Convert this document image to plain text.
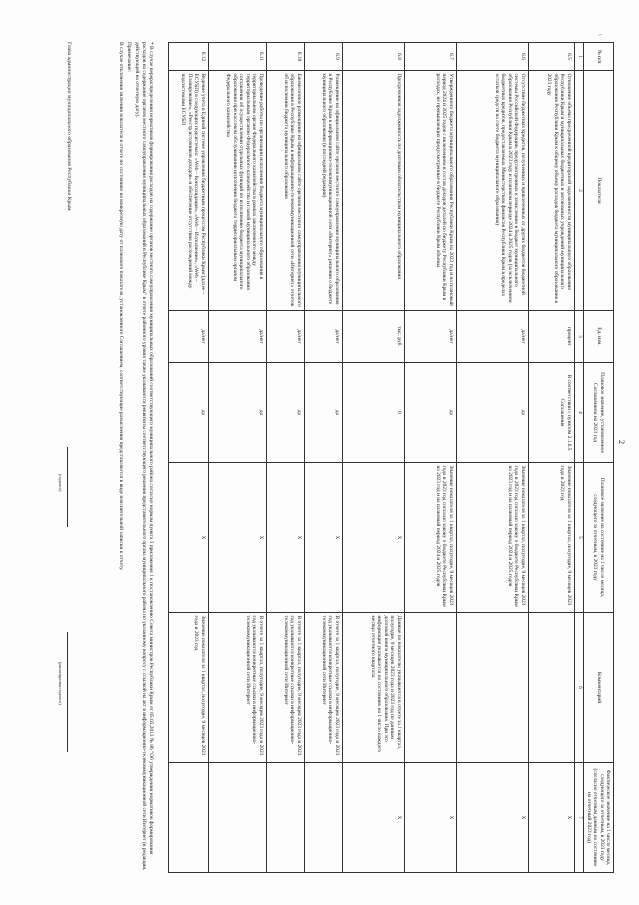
2
\
№ п/п	Показатели	Ед. изм.	Плановое значение, установленное Соглашением на 2023 год	Плановое значение на состояние на 1 число месяца, следующего за отчетным, в 2023 году	Комментарий	Фактическое значение на 1 число месяца, следующего за отчетным, в 2023 году (согласно отчетным данным по состоянию на отчетный 2023 год)
1	2	3	4	5	6	7
6.5	Отношение объема просроченной кредиторской задолженности муниципального образования Республики Крым и муниципальных бюджетных и автономных учреждений муниципального образования Республики Крым к общему объему расходов бюджета муниципального образования в 2023 году	процент	В соответствии с пунктом 2.1.6.5 Соглашения	Значение показателя за 1 квартал, полугодие, 9 месяцев 2023 года и 2023 год		Х
6.6	Отсутствие бюджетных кредитов, полученных и привлеченных от других бюджетов бюджетной системы Российской Федерации, предусмотренных к зачислению в бюджет муниципального образования Республики Крым в 2023 году и плановом периоде 2024 и 2025 годов (за исключением бюджетных кредитов, предоставляемых Министерством финансов Республики Крым в пределах остатков средств на счете бюджета муниципального образования)	да/нет	да	Значение показателя за 1 квартал, полугодие, 9 месяцев 2023 года и 2023 год согласно закону о бюджете Республики Крым на 2023 год и на плановый период 2024 и 2025 годов		Х
6.7	Утвержденного бюджета муниципального образования Республики Крым на 2023 год и на плановый период 2024 и 2025 годов с включением в состав доходов деталей по бюджету Республики Крым в расходах, не превышающих предусмотренные в бюджете Республики Крым объемы	да/нет	да	Значение показателя за 1 квартал, полугодие, 9 месяцев 2023 года и 2023 год согласно закону о бюджете Республики Крым на 2023 год и на плановый период 2024 и 2025 годов		Х
6.8	Просроченная задолженность по долговым обязательствам муниципального образования	тыс. руб.	0	Х	Данные по показателю указываются в отчете за 1 квартал, полугодие, 9 месяцев 2023 года и 2023 год по данным долговой книги муниципального образования. При это информация указывается по состоянию на 1 число каждого месяца отчетного квартала.	Х
6.9	Размещение на официальном сайте органов местного самоуправления муниципального образования в Республике Крым в информационно-телекоммуникационной сети «Интернет» решения о бюджете муниципального образования (в последней редакции)	да/нет	да	Х	В отчете за 1 квартал, полугодие, 9 месяцев 2023 года и 2023 год указываются конкретные ссылки в информационно-телекоммуникационной сети Интернет	
6.10	Ежемесячное размещение на официальном сайте органов местного самоуправления муниципального образования в Республике Крым в информационно-телекоммуникационной сети «Интернет» отчетов об исполнении бюджета муниципального образования	да/нет	да	Х	В отчете за 1 квартал, полугодие, 9 месяцев 2023 года и 2023 год указываются конкретные ссылки в информационно-телекоммуникационной сети Интернет	
6.11	Проведение работы по организации исполнения бюджета муниципального образования в территориальном органе Федерального казначейства в рамках заключенного между территориальным органом Федерального казначейства и главой муниципального образования соглашения об осуществлении отдельных функций по исполнению бюджета муниципального образования при кассовом обслуживании исполнения бюджета территориальным органом Федерального казначейства	да/нет	да	Х	В отчете за 1 квартал, полугодие, 9 месяцев 2023 года и 2023 год указываются конкретные ссылки в информационно-телекоммуникационной сети Интернет	
6.12	Ведение учета в Единой системе управления бюджетным процессом Республики Крым (далее – ЕСУБП) в следующих подсистемах: «Web – Консолидация», «Web – Исполнение», «Web – Планирование», «Реестр источников доходов» и обеспечение отсутствия расхождений между подсистемами ЕСУБП	да/нет	да	Х	Значение показателя за 1 квартал, полугодие, 9 месяцев 2023 года и 2023 год	

* В случае перераспределения нормативов формирования расходов на содержание органов местного самоуправления муниципальных образований соответствующего муниципального района согласно нормам пункта 3 приложения 1 к постановлению Совета министров Республики Крым от 05.03.2013 № 86 "Об утверждении нормативов формирования расходов на содержание органов местного самоуправления муниципальных образований в Республике Крым" в отчете районного уровня также указываются реквизиты соответствующего решения представительного органа муниципального района по указанному вопросу с ссылкой на акт в информационно-телекоммуникационной сети Интернет (в редакции, действующей на отчетную дату).

Примечание:

В случае отклонения значения показателя в отчете по состоянию на конкретную дату от планового показателя, установленного Соглашением, соответствующие разъяснения представляются в виде пояснительной записки к отчету.

Глава администрации муниципального образования Республики Крым
(подпись)
(расшифровка подписи)
